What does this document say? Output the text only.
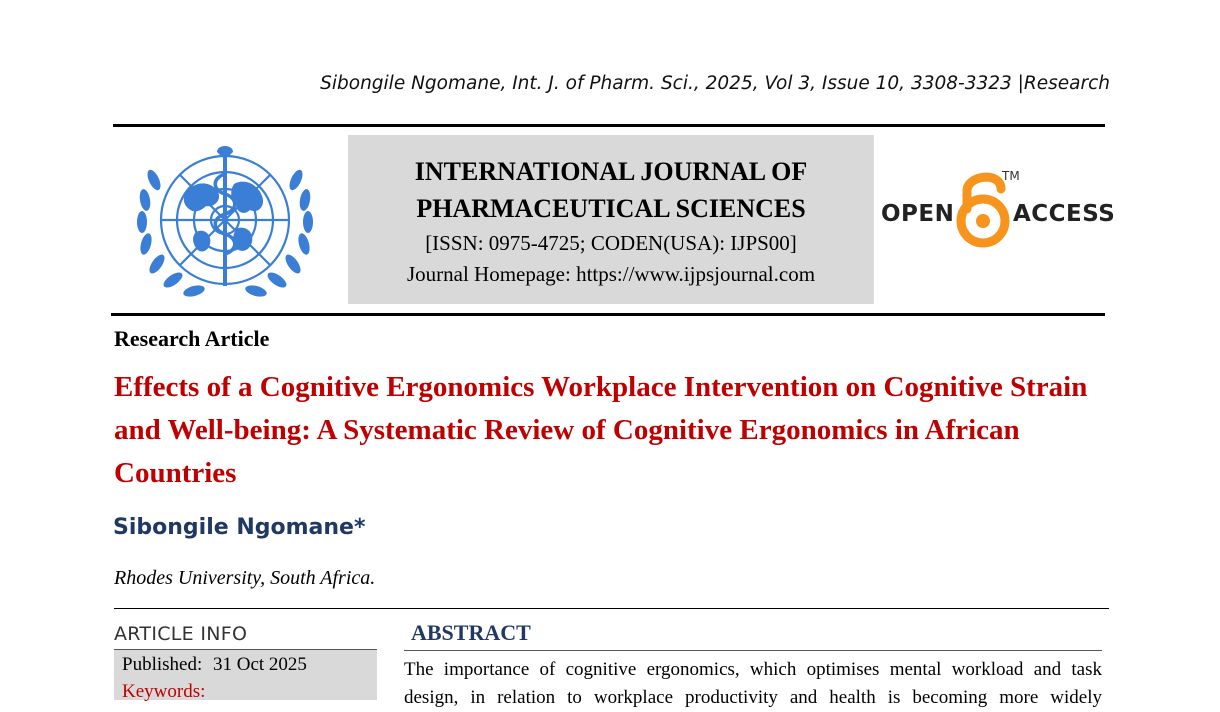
Sibongile Ngomane, Int. J. of Pharm. Sci., 2025, Vol 3, Issue 10, 3308-3323 |Research
INTERNATIONAL JOURNAL OF
PHARMACEUTICAL SCIENCES
[ISSN: 0975-4725; CODEN(USA): IJPS00]
Journal Homepage: https://www.ijpsjournal.com
OPEN
TM
ACCESS
Research Article
Effects of a Cognitive Ergonomics Workplace Intervention on Cognitive Strain and Well-being: A Systematic Review of Cognitive Ergonomics in African Countries
Sibongile Ngomane*
Rhodes University, South Africa.
ARTICLE INFO
Published: 31 Oct 2025
Keywords:
ABSTRACT
The importance of cognitive ergonomics, which optimises mental workload and task design, in relation to workplace productivity and health is becoming more widely
